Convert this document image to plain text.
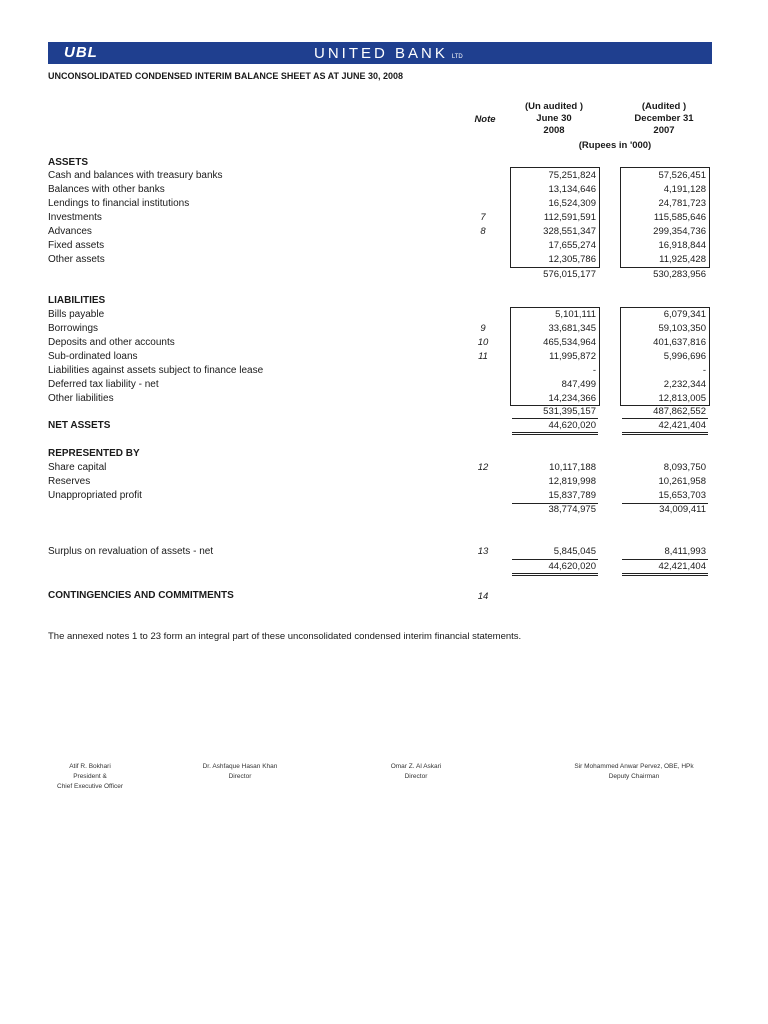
UBL	UNITED BANK LTD
UNCONSOLIDATED CONDENSED INTERIM BALANCE SHEET AS AT JUNE 30, 2008
Note
(Un audited )
June 30
2008
(Audited )
December 31
2007
(Rupees in '000)
ASSETS
Cash and balances with treasury banks	75,251,824	57,526,451
Balances with other banks	13,134,646	4,191,128
Lendings to financial institutions	16,524,309	24,781,723
Investments	7	112,591,591	115,585,646
Advances	8	328,551,347	299,354,736
Fixed assets	17,655,274	16,918,844
Other assets	12,305,786	11,925,428
576,015,177	530,283,956
LIABILITIES
Bills payable	5,101,111	6,079,341
Borrowings	9	33,681,345	59,103,350
Deposits and other accounts	10	465,534,964	401,637,816
Sub-ordinated loans	11	11,995,872	5,996,696
Liabilities against assets subject to finance lease	-	-
Deferred tax liability - net	847,499	2,232,344
Other liabilities	14,234,366	12,813,005
531,395,157	487,862,552
NET ASSETS	44,620,020	42,421,404
REPRESENTED BY
Share capital	12	10,117,188	8,093,750
Reserves	12,819,998	10,261,958
Unappropriated profit	15,837,789	15,653,703
38,774,975	34,009,411
Surplus on revaluation of assets - net	13	5,845,045	8,411,993
44,620,020	42,421,404
CONTINGENCIES AND COMMITMENTS	14
The annexed notes 1 to 23 form an integral part of these unconsolidated condensed interim financial statements.
Atif R. Bokhari
President &
Chief Executive Officer
Dr. Ashfaque Hasan Khan
Director
Omar Z. Al Askari
Director
Sir Mohammed Anwar Pervez, OBE, HPk
Deputy Chairman
